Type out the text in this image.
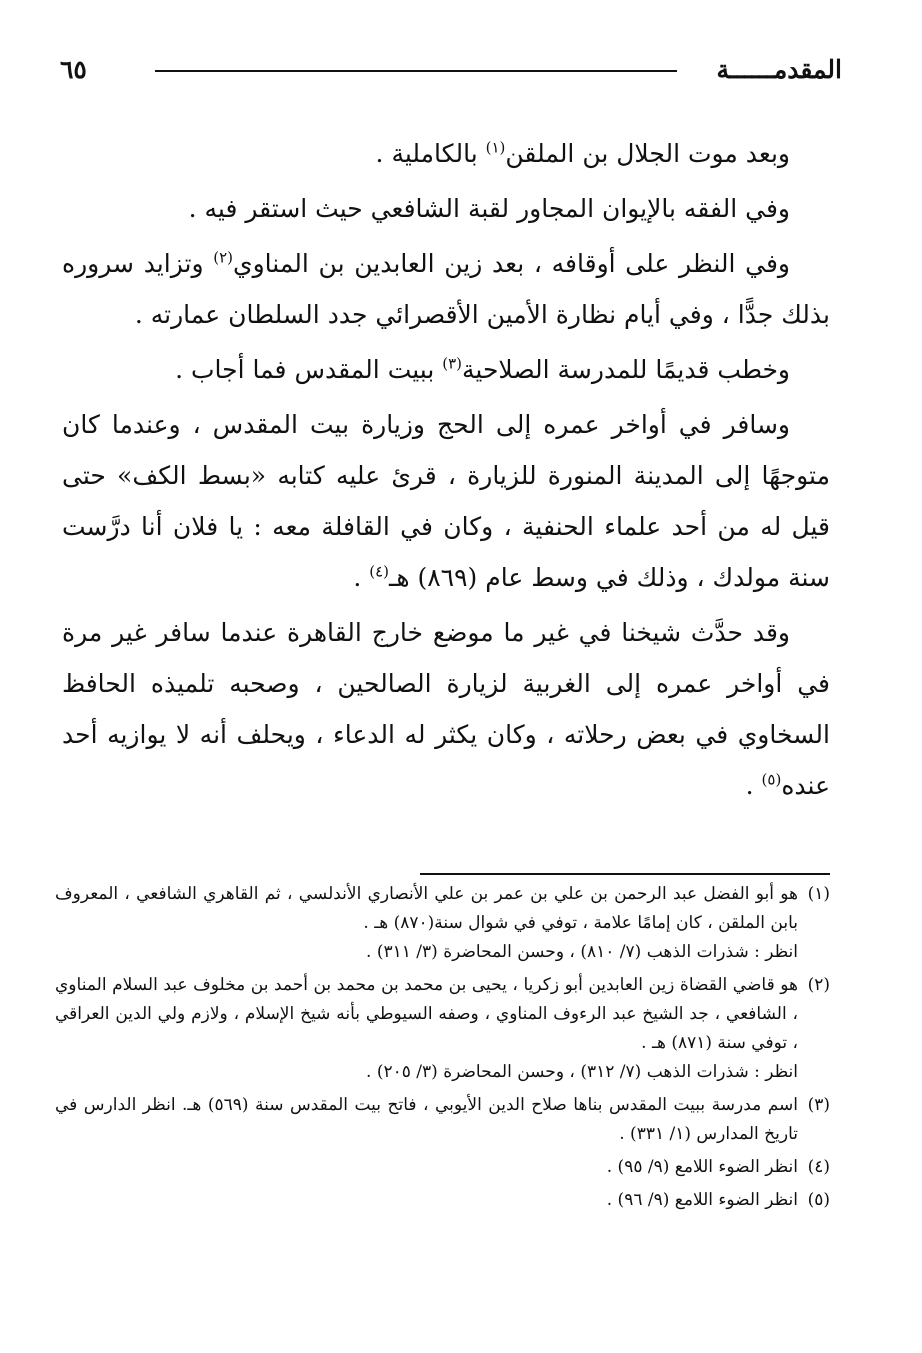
المقدمــــــة
٦٥

وبعد موت الجلال بن الملقن$^{(١)}$ بالكاملية .

وفي الفقه بالإيوان المجاور لقبة الشافعي حيث استقر فيه .

وفي النظر على أوقافه ، بعد زين العابدين بن المناوي$^{(٢)}$ وتزايد سروره بذلك جدًّا ، وفي أيام نظارة الأمين الأقصرائي جدد السلطان عمارته .

وخطب قديمًا للمدرسة الصلاحية$^{(٣)}$ ببيت المقدس فما أجاب .

وسافر في أواخر عمره إلى الحج وزيارة بيت المقدس ، وعندما كان متوجهًا إلى المدينة المنورة للزيارة ، قرئ عليه كتابه «بسط الكف» حتى قيل له من أحد علماء الحنفية ، وكان في القافلة معه : يا فلان أنا درَّست سنة مولدك ، وذلك في وسط عام (٨٦٩) هـ$^{(٤)}$ .

وقد حدَّث شيخنا في غير ما موضع خارج القاهرة عندما سافر غير مرة في أواخر عمره إلى الغربية لزيارة الصالحين ، وصحبه تلميذه الحافظ السخاوي في بعض رحلاته ، وكان يكثر له الدعاء ، ويحلف أنه لا يوازيه أحد عنده$^{(٥)}$ .

(١)
هو أبو الفضل عبد الرحمن بن علي بن عمر بن علي الأنصاري الأندلسي ، ثم القاهري الشافعي ، المعروف بابن الملقن ، كان إمامًا علامة ، توفي في شوال سنة(٨٧٠) هـ .
انظر : شذرات الذهب (٧/ ٨١٠) ، وحسن المحاضرة (٣/ ٣١١) .
(٢)
هو قاضي القضاة زين العابدين أبو زكريا ، يحيى بن محمد بن محمد بن أحمد بن مخلوف عبد السلام المناوي ، الشافعي ، جد الشيخ عبد الرءوف المناوي ، وصفه السيوطي بأنه شيخ الإسلام ، ولازم ولي الدين العراقي ، توفي سنة (٨٧١) هـ .
انظر : شذرات الذهب (٧/ ٣١٢) ، وحسن المحاضرة (٣/ ٢٠٥) .
(٣)
اسم مدرسة ببيت المقدس بناها صلاح الدين الأيوبي ، فاتح بيت المقدس سنة (٥٦٩) هـ. انظر الدارس في تاريخ المدارس (١/ ٣٣١) .
(٤)
انظر الضوء اللامع (٩/ ٩٥) .
(٥)
انظر الضوء اللامع (٩/ ٩٦) .
